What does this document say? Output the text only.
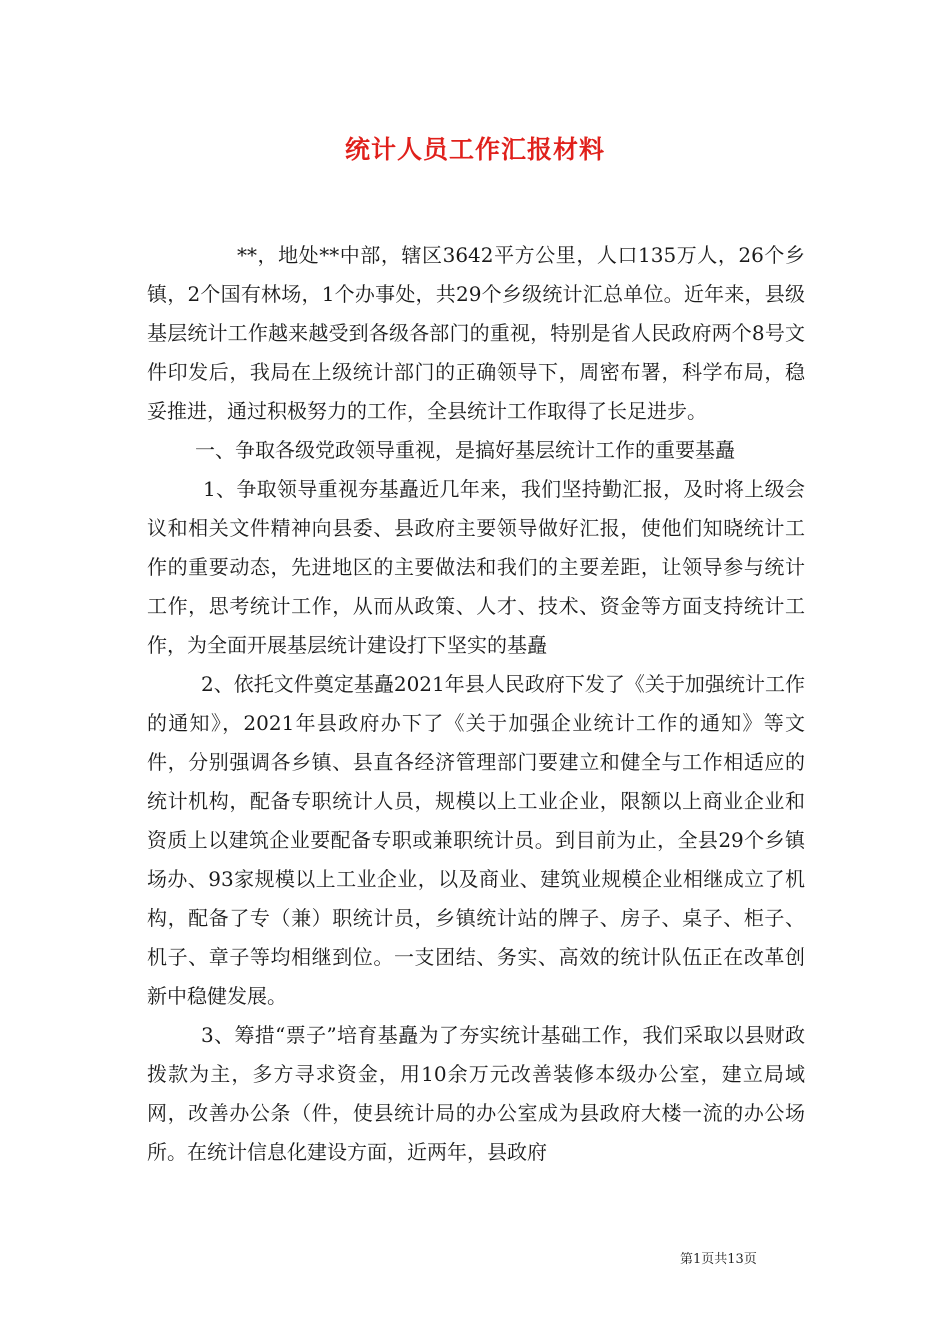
统计人员工作汇报材料

**，地处**中部，辖区3642平方公里，人口135万人，26个乡镇，2个国有林场，1个办事处，共29个乡级统计汇总单位。近年来，县级基层统计工作越来越受到各级各部门的重视，特别是省人民政府两个8号文件印发后，我局在上级统计部门的正确领导下，周密布署，科学布局，稳妥推进，通过积极努力的工作，全县统计工作取得了长足进步。

一、争取各级党政领导重视，是搞好基层统计工作的重要基矗

1、争取领导重视夯基矗近几年来，我们坚持勤汇报，及时将上级会议和相关文件精神向县委、县政府主要领导做好汇报，使他们知晓统计工作的重要动态，先进地区的主要做法和我们的主要差距，让领导参与统计工作，思考统计工作，从而从政策、人才、技术、资金等方面支持统计工作，为全面开展基层统计建设打下坚实的基矗

2、依托文件奠定基矗2021年县人民政府下发了《关于加强统计工作的通知》，2021年县政府办下了《关于加强企业统计工作的通知》等文件，分别强调各乡镇、县直各经济管理部门要建立和健全与工作相适应的统计机构，配备专职统计人员，规模以上工业企业，限额以上商业企业和资质上以建筑企业要配备专职或兼职统计员。到目前为止，全县29个乡镇场办、93家规模以上工业企业，以及商业、建筑业规模企业相继成立了机构，配备了专（兼）职统计员，乡镇统计站的牌子、房子、桌子、柜子、机子、章子等均相继到位。一支团结、务实、高效的统计队伍正在改革创新中稳健发展。

3、筹措“票子”培育基矗为了夯实统计基础工作，我们采取以县财政拨款为主，多方寻求资金，用10余万元改善装修本级办公室，建立局域网，改善办公条（件，使县统计局的办公室成为县政府大楼一流的办公场所。在统计信息化建设方面，近两年，县政府

第1页共13页
